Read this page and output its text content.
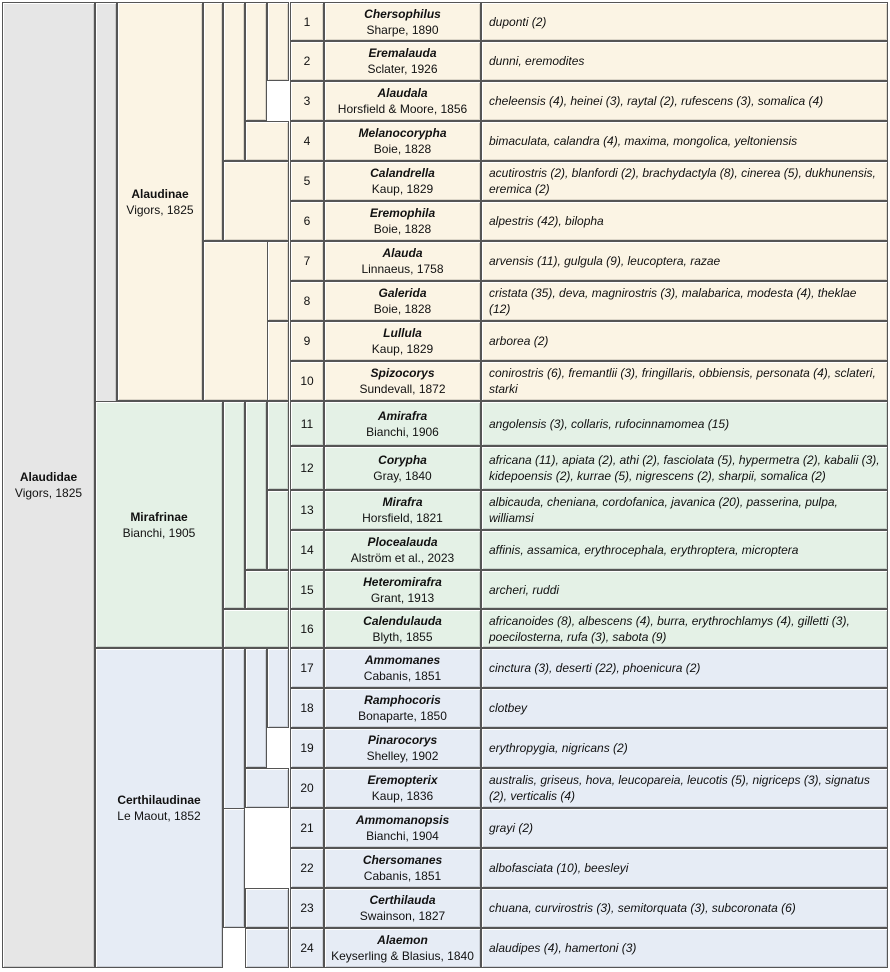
1
Chersophilus
Sharpe, 1890
duponti (2)
2
Eremalauda
Sclater, 1926
dunni, eremodites
3
Alaudala
Horsfield & Moore, 1856
cheleensis (4), heinei (3), raytal (2), rufescens (3), somalica (4)
4
Melanocorypha
Boie, 1828
bimaculata, calandra (4), maxima, mongolica, yeltoniensis
5
Calandrella
Kaup, 1829
acutirostris (2), blanfordi (2), brachydactyla (8), cinerea (5), dukhunensis, eremica (2)
6
Eremophila
Boie, 1828
alpestris (42), bilopha
7
Alauda
Linnaeus, 1758
arvensis (11), gulgula (9), leucoptera, razae
8
Galerida
Boie, 1828
cristata (35), deva, magnirostris (3), malabarica, modesta (4), theklae (12)
9
Lullula
Kaup, 1829
arborea (2)
10
Spizocorys
Sundevall, 1872
conirostris (6), fremantlii (3), fringillaris, obbiensis, personata (4), sclateri, starki
11
Amirafra
Bianchi, 1906
angolensis (3), collaris, rufocinnamomea (15)
12
Corypha
Gray, 1840
africana (11), apiata (2), athi (2), fasciolata (5), hypermetra (2), kabalii (3), kidepoensis (2), kurrae (5), nigrescens (2), sharpii, somalica (2)
13
Mirafra
Horsfield, 1821
albicauda, cheniana, cordofanica, javanica (20), passerina, pulpa, williamsi
14
Plocealauda
Alström et al., 2023
affinis, assamica, erythrocephala, erythroptera, microptera
15
Heteromirafra
Grant, 1913
archeri, ruddi
16
Calendulauda
Blyth, 1855
africanoides (8), albescens (4), burra, erythrochlamys (4), gilletti (3), poecilosterna, rufa (3), sabota (9)
17
Ammomanes
Cabanis, 1851
cinctura (3), deserti (22), phoenicura (2)
18
Ramphocoris
Bonaparte, 1850
clotbey
19
Pinarocorys
Shelley, 1902
erythropygia, nigricans (2)
20
Eremopterix
Kaup, 1836
australis, griseus, hova, leucopareia, leucotis (5), nigriceps (3), signatus (2), verticalis (4)
21
Ammomanopsis
Bianchi, 1904
grayi (2)
22
Chersomanes
Cabanis, 1851
albofasciata (10), beesleyi
23
Certhilauda
Swainson, 1827
chuana, curvirostris (3), semitorquata (3), subcoronata (6)
24
Alaemon
Keyserling & Blasius, 1840
alaudipes (4), hamertoni (3)
Alaudidae
Vigors, 1825
Alaudinae
Vigors, 1825
Mirafrinae
Bianchi, 1905
Certhilaudinae
Le Maout, 1852
